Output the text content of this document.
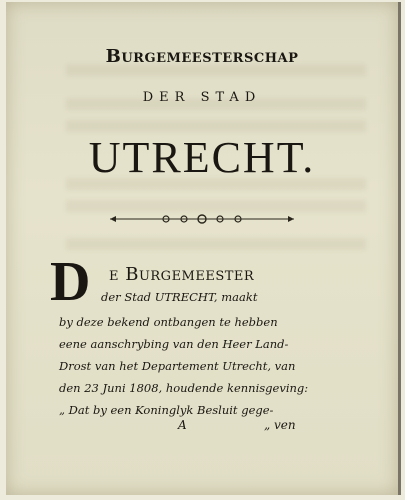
Burgemeesterschap
DER STAD
UTRECHT.
D e Burgemeester
der Stad UTRECHT, maakt
by deze bekend ontbangen te hebben
eene aanschrybing van den Heer Land-
Drost van het Departement Utrecht, van
den 23 Juni 1808, houdende kennisgeving:
„ Dat by een Koninglyk Besluit gege-
A	„ ven
